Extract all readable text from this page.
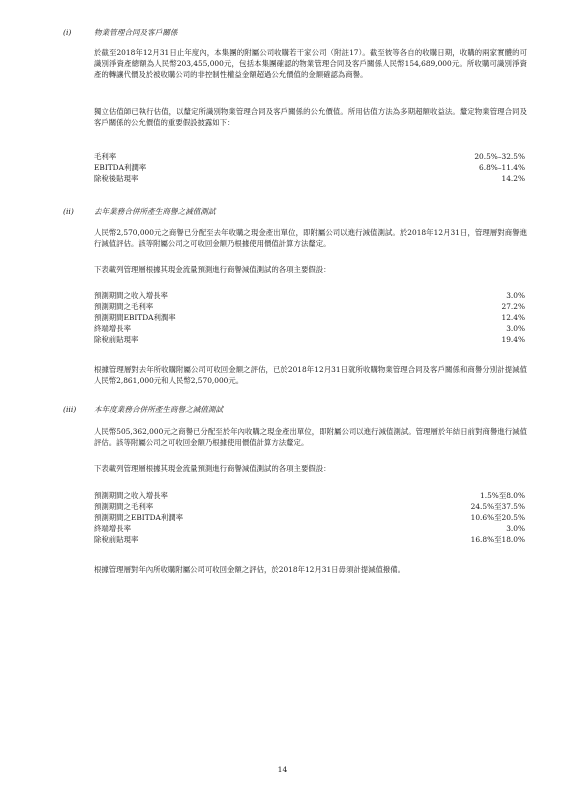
(i)	物業管理合同及客戶關係

於截至2018年12月31日止年度內，本集團的附屬公司收購若干家公司（附註17）。截至彼等各自的收購日期，收購的兩家實體的可識別淨資產總額為人民幣203,455,000元，包括本集團確認的物業管理合同及客戶關係人民幣154,689,000元。所收購可識別淨資產的轉讓代價及於被收購公司的非控制性權益金額超過公允價值的金額確認為商譽。

獨立估值師已執行估值，以釐定所識別物業管理合同及客戶關係的公允價值。所用估值方法為多期超額收益法。釐定物業管理合同及客戶關係的公允價值的重要假設披露如下：

毛利率	20.5%–32.5%
EBITDA利潤率	6.8%–11.4%
除稅後貼現率	14.2%
(ii)	去年業務合併所產生商譽之減值測試

人民幣2,570,000元之商譽已分配至去年收購之現金產出單位，即附屬公司以進行減值測試。於2018年12月31日，管理層對商譽進行減值評估。該等附屬公司之可收回金額乃根據使用價值計算方法釐定。

下表載列管理層根據其現金流量預測進行商譽減值測試的各項主要假設：

預測期間之收入增長率	3.0%
預測期間之毛利率	27.2%
預測期間EBITDA利潤率	12.4%
終端增長率	3.0%
除稅前貼現率	19.4%

根據管理層對去年所收購附屬公司可收回金額之評估，已於2018年12月31日就所收購物業管理合同及客戶關係和商譽分別計提減值人民幣2,861,000元和人民幣2,570,000元。

(iii) 本年度業務合併所產生商譽之減值測試

人民幣505,362,000元之商譽已分配至於年內收購之現金產出單位，即附屬公司以進行減值測試。管理層於年結日前對商譽進行減值評估。該等附屬公司之可收回金額乃根據使用價值計算方法釐定。

下表載列管理層根據其現金流量預測進行商譽減值測試的各項主要假設：

預測期間之收入增長率	1.5%至8.0%
預測期間之毛利率	24.5%至37.5%
預測期間之EBITDA利潤率	10.6%至20.5%
終端增長率	3.0%
除稅前貼現率	16.8%至18.0%

根據管理層對年內所收購附屬公司可收回金額之評估，於2018年12月31日毋須計提減值撥備。

14
